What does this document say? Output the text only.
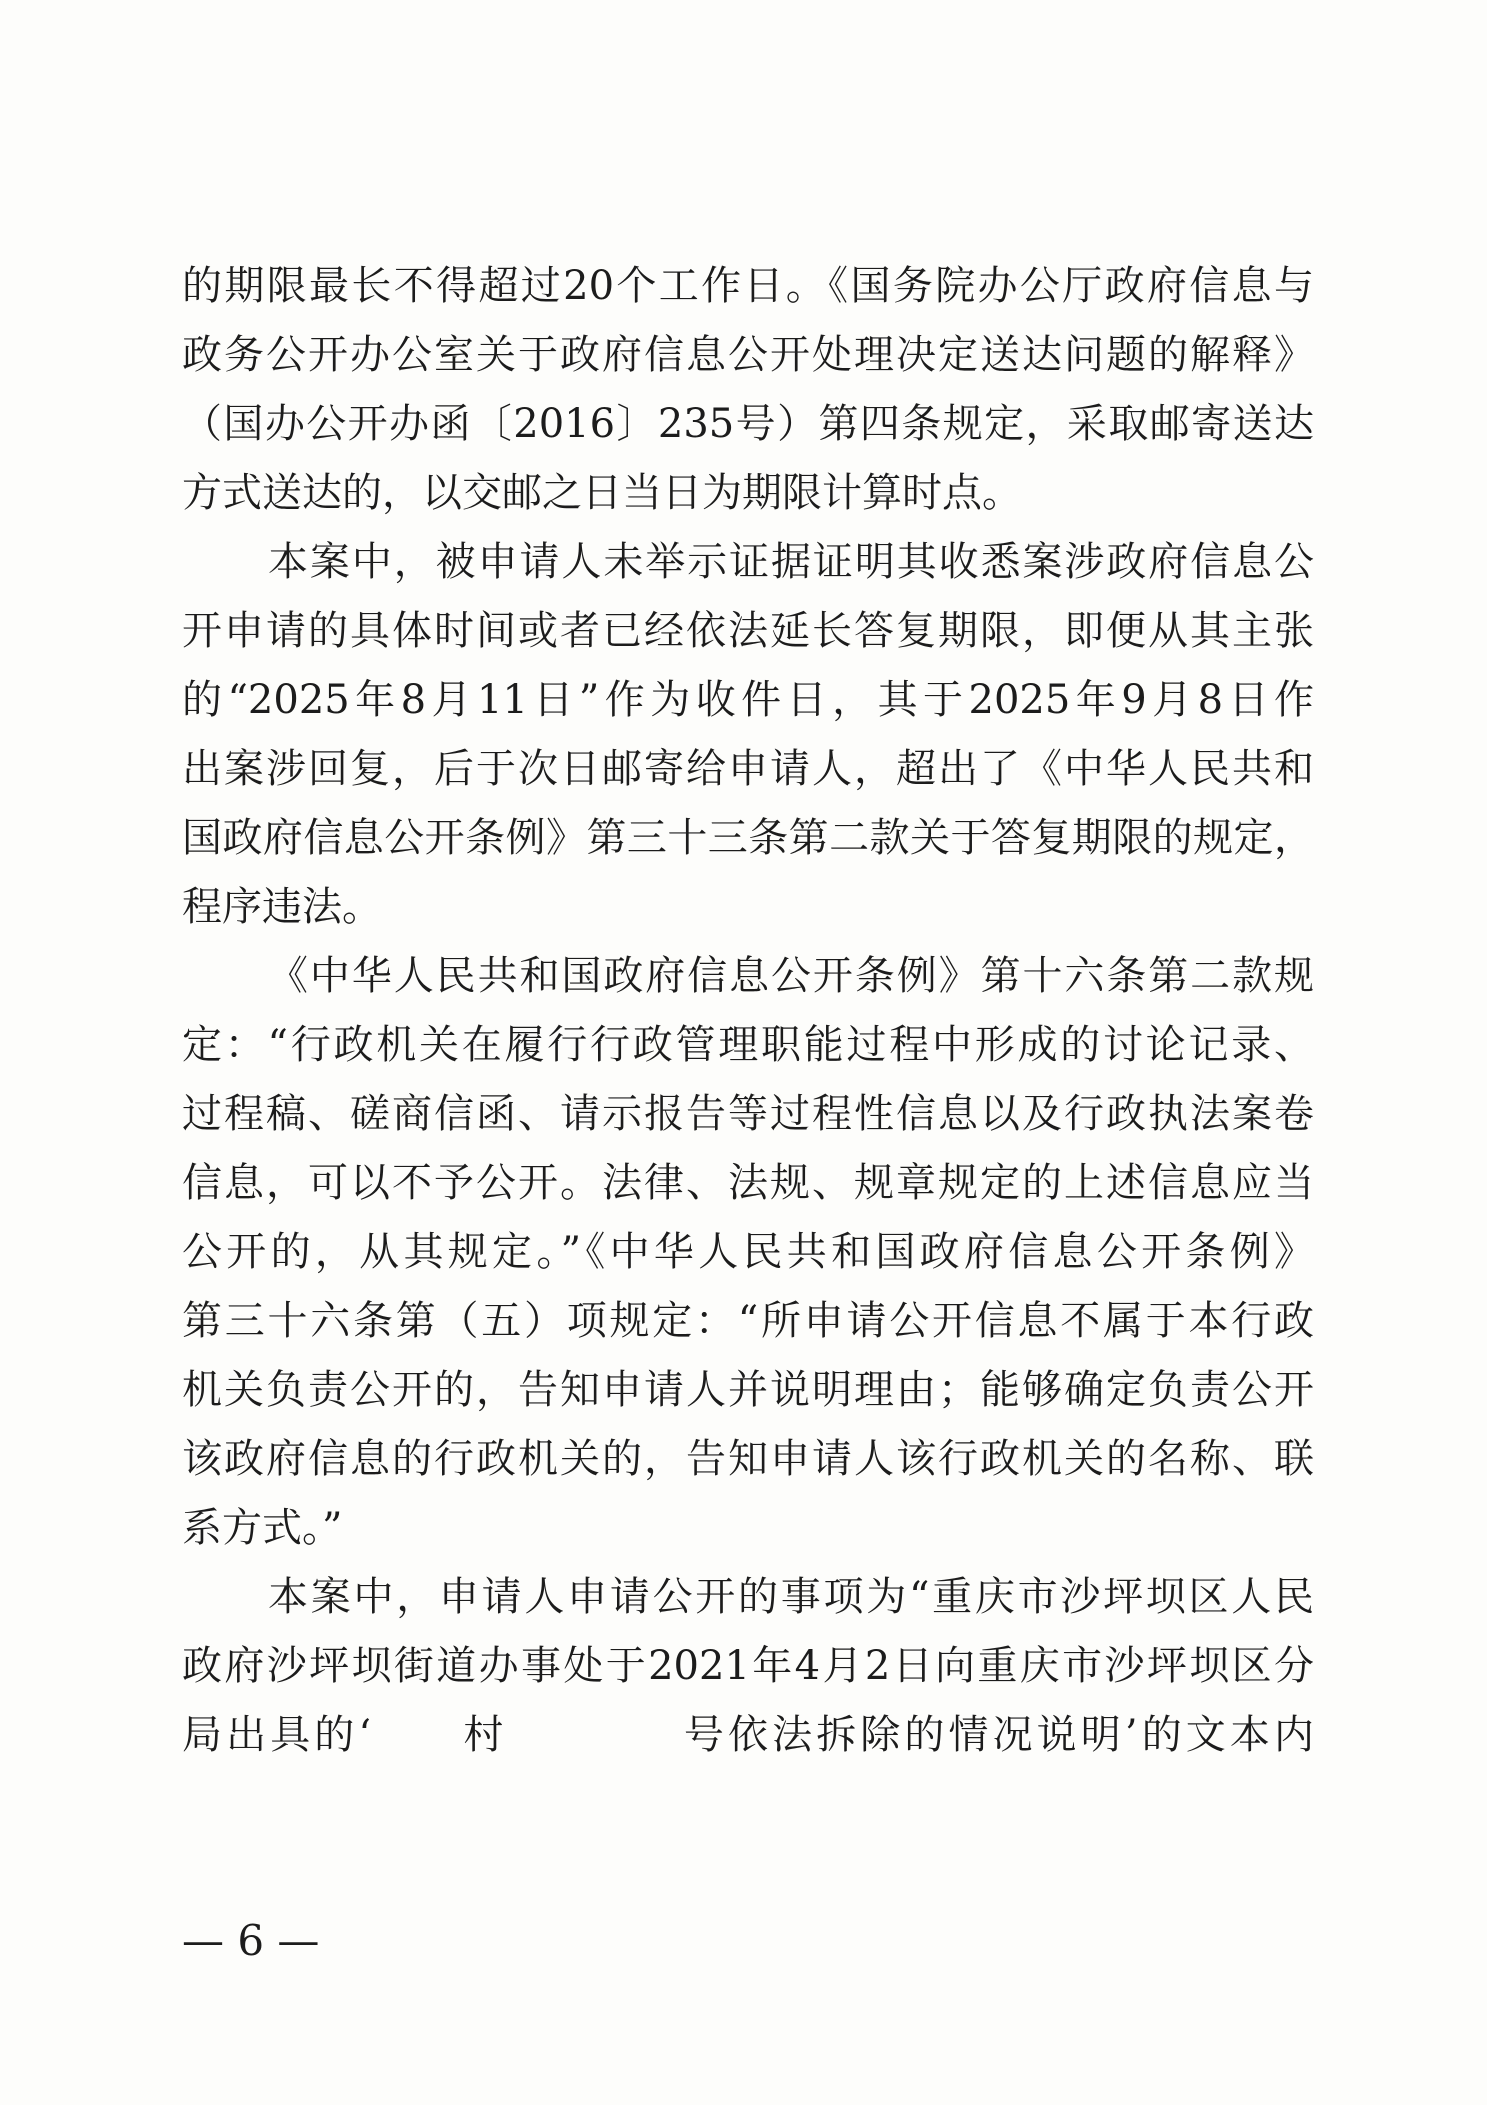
的期限最长不得超过20个工作日。《国务院办公厅政府信息与
政务公开办公室关于政府信息公开处理决定送达问题的解释》
（国办公开办函〔2016〕235号）第四条规定，采取邮寄送达
方式送达的，以交邮之日当日为期限计算时点。
本案中，被申请人未举示证据证明其收悉案涉政府信息公
开申请的具体时间或者已经依法延长答复期限，即便从其主张
的“2025年8月11日”作为收件日，其于2025年9月8日作
出案涉回复，后于次日邮寄给申请人，超出了《中华人民共和
国政府信息公开条例》第三十三条第二款关于答复期限的规定，
程序违法。
《中华人民共和国政府信息公开条例》第十六条第二款规
定：“行政机关在履行行政管理职能过程中形成的讨论记录、
过程稿、磋商信函、请示报告等过程性信息以及行政执法案卷
信息，可以不予公开。法律、法规、规章规定的上述信息应当
公开的，从其规定。”《中华人民共和国政府信息公开条例》
第三十六条第（五）项规定：“所申请公开信息不属于本行政
机关负责公开的，告知申请人并说明理由；能够确定负责公开
该政府信息的行政机关的，告知申请人该行政机关的名称、联
系方式。”
本案中，申请人申请公开的事项为“重庆市沙坪坝区人民
政府沙坪坝街道办事处于2021年4月2日向重庆市沙坪坝区分
局出具的‘　　村　　　　号依法拆除的情况说明’的文本内
— 6 —
